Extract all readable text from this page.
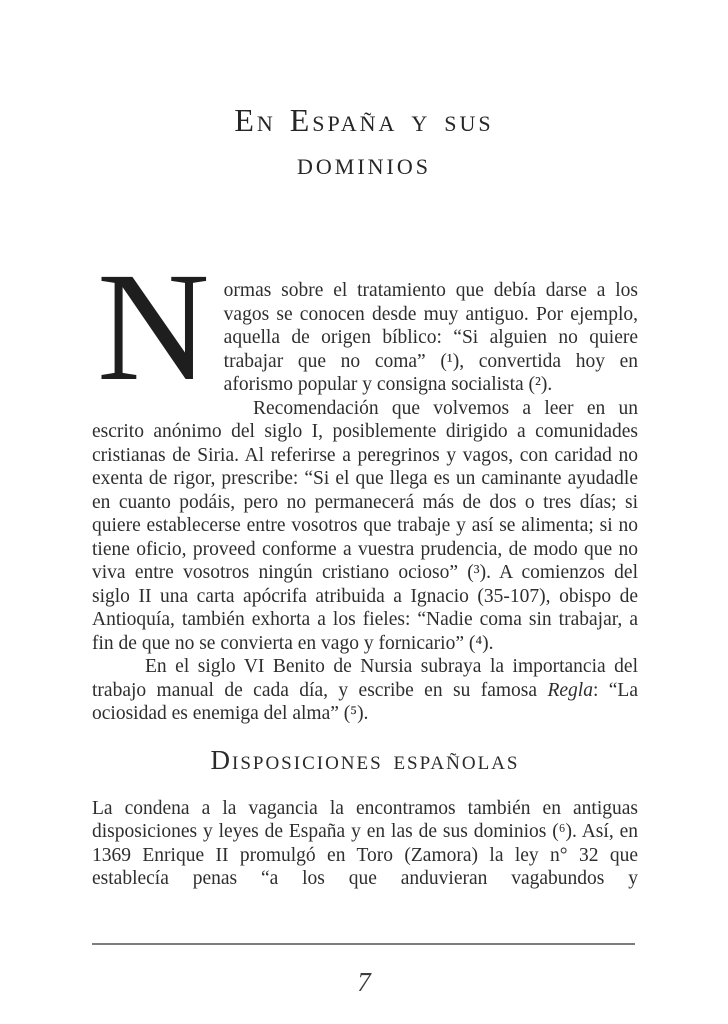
En España y sus
dominios

Normas sobre el tratamiento que debía darse a los vagos se conocen desde muy antiguo. Por ejemplo, aquella de origen bíblico: “Si alguien no quiere trabajar que no coma” (¹), convertida hoy en aforismo popular y consigna socialista (²).

Recomendación que volvemos a leer en un escrito anónimo del siglo I, posiblemente dirigido a comunidades cristianas de Siria. Al referirse a peregrinos y vagos, con caridad no exenta de rigor, prescribe: “Si el que llega es un caminante ayudadle en cuanto podáis, pero no permanecerá más de dos o tres días; si quiere establecerse entre vosotros que trabaje y así se alimenta; si no tiene oficio, proveed conforme a vuestra prudencia, de modo que no viva entre vosotros ningún cristiano ocioso” (³). A comienzos del siglo II una carta apócrifa atribuida a Ignacio (35-107), obispo de Antioquía, también exhorta a los fieles: “Nadie coma sin trabajar, a fin de que no se convierta en vago y fornicario” (⁴).

En el siglo VI Benito de Nursia subraya la importancia del trabajo manual de cada día, y escribe en su famosa Regla: “La ociosidad es enemiga del alma” (⁵).

Disposiciones españolas

La condena a la vagancia la encontramos también en antiguas disposiciones y leyes de España y en las de sus dominios (⁶). Así, en 1369 Enrique II promulgó en Toro (Zamora) la ley n° 32 que establecía penas “a los que anduvieran vagabundos y

7
